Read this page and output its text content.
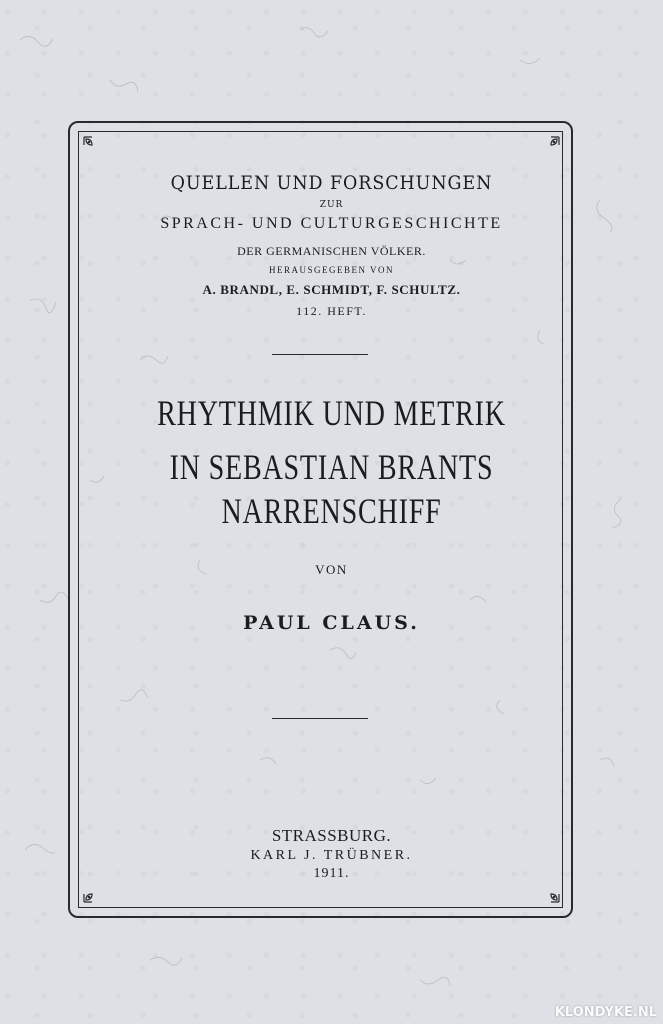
QUELLEN UND FORSCHUNGEN
ZUR
SPRACH- UND CULTURGESCHICHTE
DER GERMANISCHEN VÖLKER.
HERAUSGEGEBEN VON
A. BRANDL, E. SCHMIDT, F. SCHULTZ.
112. HEFT.
RHYTHMIK UND METRIK
IN SEBASTIAN BRANTS
NARRENSCHIFF
VON
PAUL CLAUS.
STRASSBURG.
KARL J. TRÜBNER.
1911.
KLONDYKE.NL
